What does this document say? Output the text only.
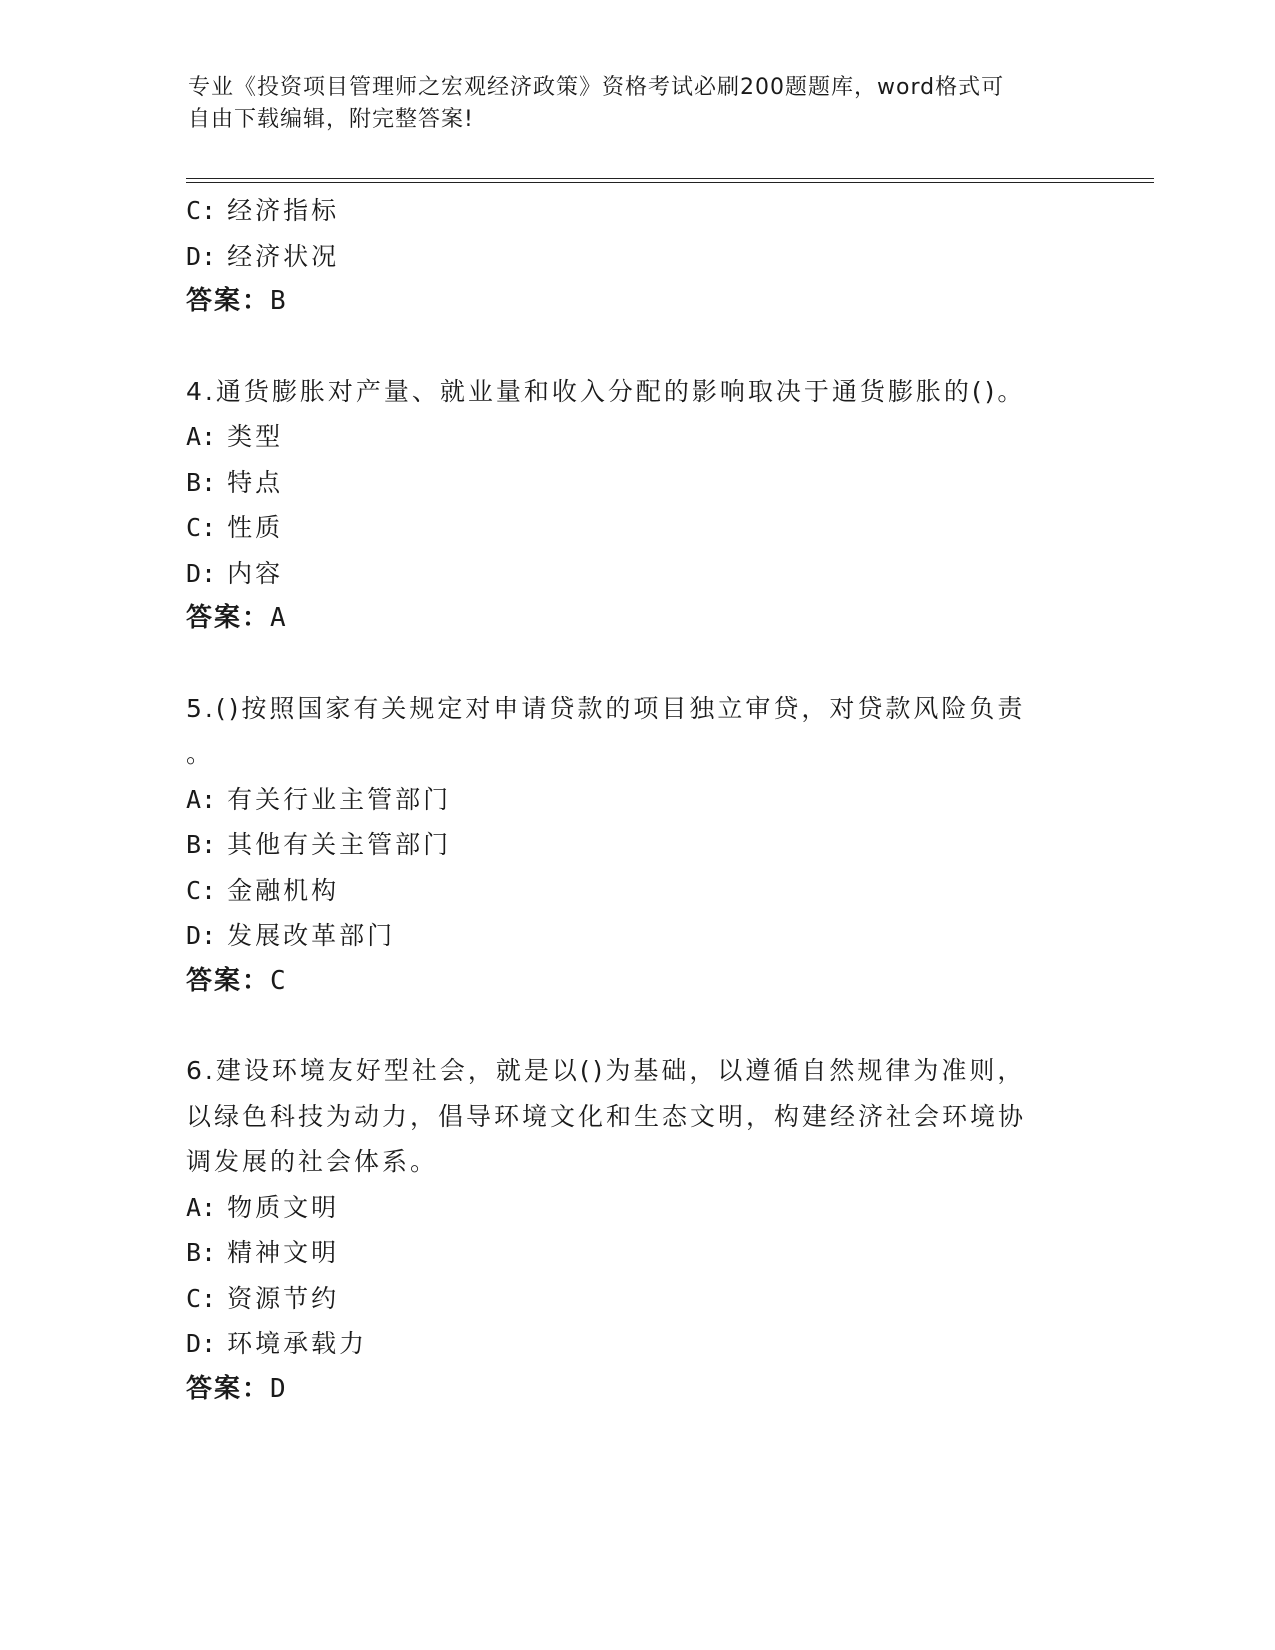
专业《投资项目管理师之宏观经济政策》资格考试必刷200题题库，word格式可
自由下载编辑，附完整答案!
C: 经济指标
D: 经济状况
答案：B
4.通货膨胀对产量、就业量和收入分配的影响取决于通货膨胀的()。
A: 类型
B: 特点
C: 性质
D: 内容
答案：A
5.()按照国家有关规定对申请贷款的项目独立审贷，对贷款风险负责
。
A: 有关行业主管部门
B: 其他有关主管部门
C: 金融机构
D: 发展改革部门
答案：C
6.建设环境友好型社会，就是以()为基础，以遵循自然规律为准则，
以绿色科技为动力，倡导环境文化和生态文明，构建经济社会环境协
调发展的社会体系。
A: 物质文明
B: 精神文明
C: 资源节约
D: 环境承载力
答案：D
